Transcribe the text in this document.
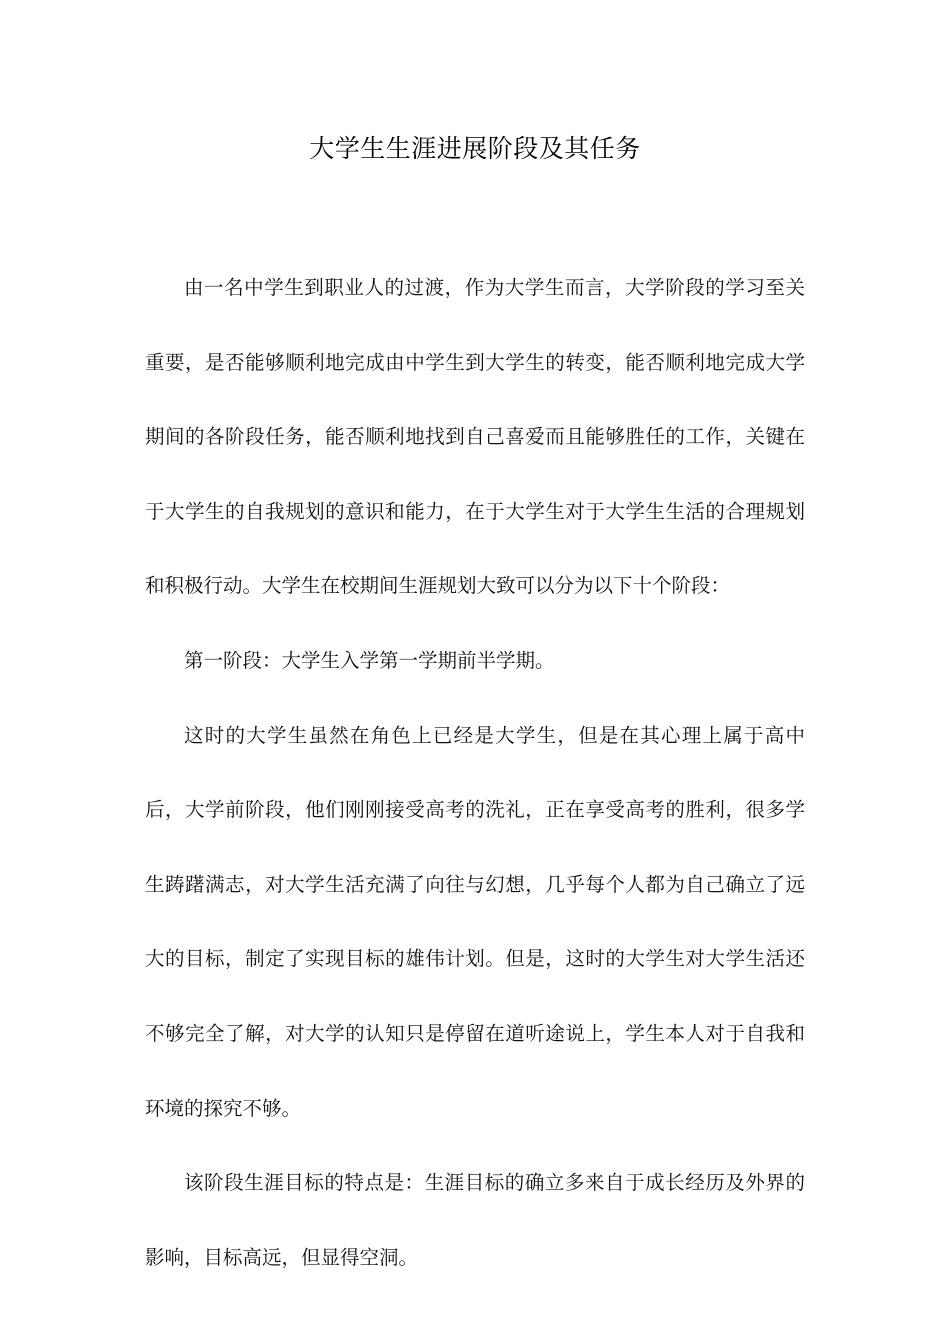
大学生生涯进展阶段及其任务

由一名中学生到职业人的过渡，作为大学生而言，大学阶段的学习至关重要，是否能够顺利地完成由中学生到大学生的转变，能否顺利地完成大学期间的各阶段任务，能否顺利地找到自己喜爱而且能够胜任的工作，关键在于大学生的自我规划的意识和能力，在于大学生对于大学生生活的合理规划和积极行动。大学生在校期间生涯规划大致可以分为以下十个阶段：

第一阶段：大学生入学第一学期前半学期。

这时的大学生虽然在角色上已经是大学生，但是在其心理上属于高中后，大学前阶段，他们刚刚接受高考的洗礼，正在享受高考的胜利，很多学生踌躇满志，对大学生活充满了向往与幻想，几乎每个人都为自己确立了远大的目标，制定了实现目标的雄伟计划。但是，这时的大学生对大学生活还不够完全了解，对大学的认知只是停留在道听途说上，学生本人对于自我和环境的探究不够。

该阶段生涯目标的特点是：生涯目标的确立多来自于成长经历及外界的影响，目标高远，但显得空洞。
